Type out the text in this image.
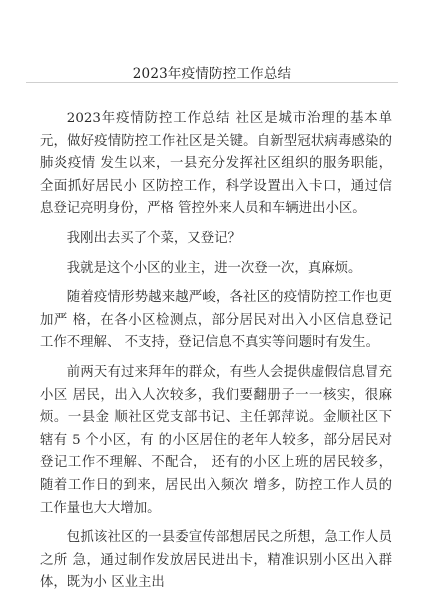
2023年疫情防控工作总结

2023年疫情防控工作总结 社区是城市治理的基本单元，做好疫情防控工作社区是关键。自新型冠状病毒感染的肺炎疫情 发生以来，一县充分发挥社区组织的服务职能，全面抓好居民小 区防控工作，科学设置出入卡口，通过信息登记亮明身份，严格 管控外来人员和车辆进出小区。

我刚出去买了个菜，又登记？

我就是这个小区的业主，进一次登一次，真麻烦。

随着疫情形势越来越严峻，各社区的疫情防控工作也更加严 格，在各小区检测点，部分居民对出入小区信息登记工作不理解、 不支持，登记信息不真实等问题时有发生。

前两天有过来拜年的群众，有些人会提供虚假信息冒充小区 居民，出入人次较多，我们要翻册子一一核实，很麻烦。一县金 顺社区党支部书记、主任郭萍说。金顺社区下辖有 5 个小区，有 的小区居住的老年人较多，部分居民对登记工作不理解、不配合， 还有的小区上班的居民较多，随着工作日的到来，居民出入频次 增多，防控工作人员的工作量也大大增加。

包抓该社区的一县委宣传部想居民之所想，急工作人员之所 急，通过制作发放居民进出卡，精准识别小区出入群体，既为小 区业主出
